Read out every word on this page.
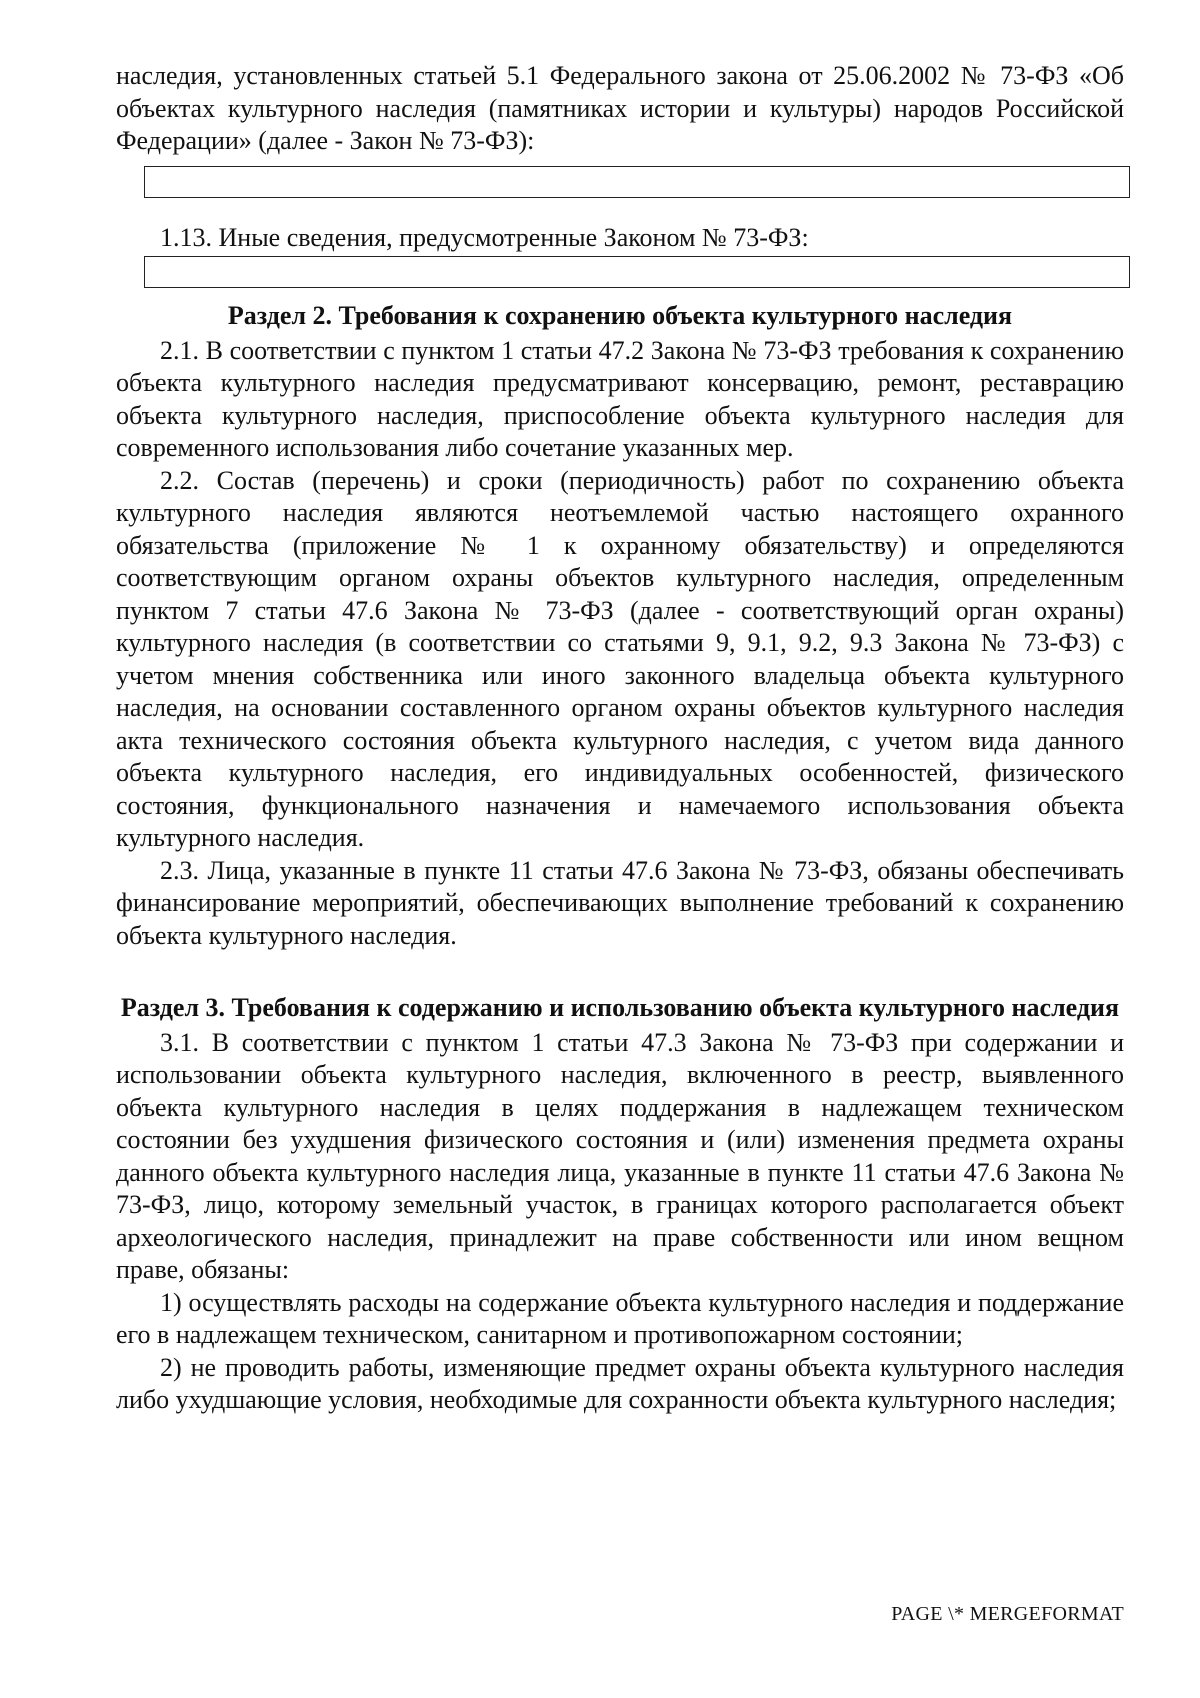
наследия, установленных статьей 5.1 Федерального закона от 25.06.2002 № 73-ФЗ «Об объектах культурного наследия (памятниках истории и культуры) народов Российской Федерации» (далее - Закон № 73-ФЗ):

1.13. Иные сведения, предусмотренные Законом № 73-ФЗ:

Раздел 2. Требования к сохранению объекта культурного наследия

2.1. В соответствии с пунктом 1 статьи 47.2 Закона № 73-ФЗ требования к сохранению объекта культурного наследия предусматривают консервацию, ремонт, реставрацию объекта культурного наследия, приспособление объекта культурного наследия для современного использования либо сочетание указанных мер.

2.2. Состав (перечень) и сроки (периодичность) работ по сохранению объекта культурного наследия являются неотъемлемой частью настоящего охранного обязательства (приложение № 1 к охранному обязательству) и определяются соответствующим органом охраны объектов культурного наследия, определенным пунктом 7 статьи 47.6 Закона № 73-ФЗ (далее - соответствующий орган охраны) культурного наследия (в соответствии со статьями 9, 9.1, 9.2, 9.3 Закона № 73-ФЗ) с учетом мнения собственника или иного законного владельца объекта культурного наследия, на основании составленного органом охраны объектов культурного наследия акта технического состояния объекта культурного наследия, с учетом вида данного объекта культурного наследия, его индивидуальных особенностей, физического состояния, функционального назначения и намечаемого использования объекта культурного наследия.

2.3. Лица, указанные в пункте 11 статьи 47.6 Закона № 73-ФЗ, обязаны обеспечивать финансирование мероприятий, обеспечивающих выполнение требований к сохранению объекта культурного наследия.

Раздел 3. Требования к содержанию и использованию объекта культурного наследия

3.1. В соответствии с пунктом 1 статьи 47.3 Закона № 73-ФЗ при содержании и использовании объекта культурного наследия, включенного в реестр, выявленного объекта культурного наследия в целях поддержания в надлежащем техническом состоянии без ухудшения физического состояния и (или) изменения предмета охраны данного объекта культурного наследия лица, указанные в пункте 11 статьи 47.6 Закона № 73-ФЗ, лицо, которому земельный участок, в границах которого располагается объект археологического наследия, принадлежит на праве собственности или ином вещном праве, обязаны:

1) осуществлять расходы на содержание объекта культурного наследия и поддержание его в надлежащем техническом, санитарном и противопожарном состоянии;

2) не проводить работы, изменяющие предмет охраны объекта культурного наследия либо ухудшающие условия, необходимые для сохранности объекта культурного наследия;

PAGE \* MERGEFORMAT
